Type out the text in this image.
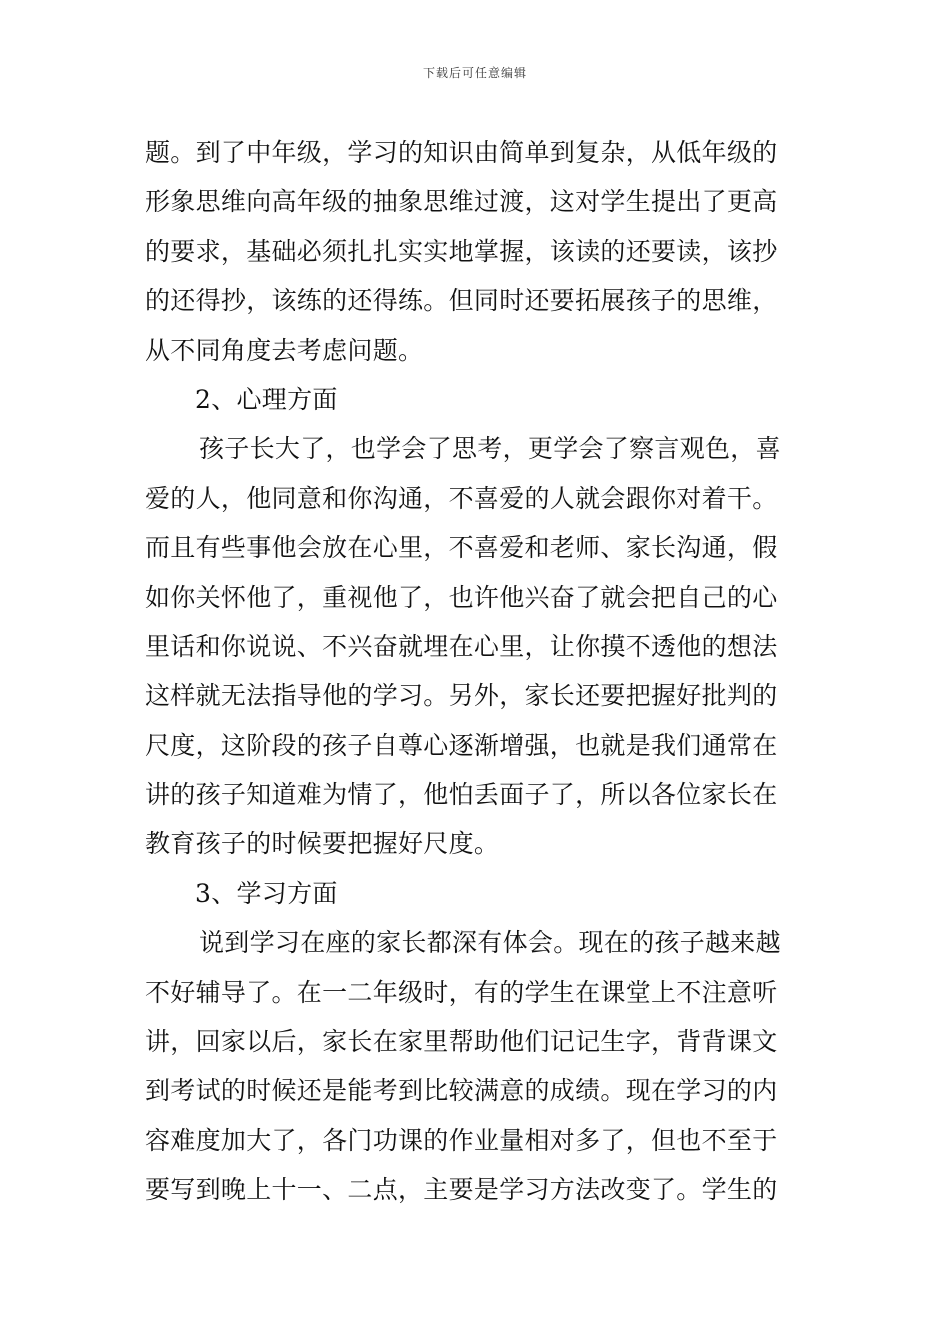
下载后可任意编辑
题。到了中年级，学习的知识由简单到复杂，从低年级的
形象思维向高年级的抽象思维过渡，这对学生提出了更高
的要求，基础必须扎扎实实地掌握，该读的还要读，该抄
的还得抄，该练的还得练。但同时还要拓展孩子的思维，
从不同角度去考虑问题。
2、心理方面
孩子长大了，也学会了思考，更学会了察言观色，喜
爱的人，他同意和你沟通，不喜爱的人就会跟你对着干。
而且有些事他会放在心里，不喜爱和老师、家长沟通，假
如你关怀他了，重视他了，也许他兴奋了就会把自己的心
里话和你说说、不兴奋就埋在心里，让你摸不透他的想法
这样就无法指导他的学习。另外，家长还要把握好批判的
尺度，这阶段的孩子自尊心逐渐增强，也就是我们通常在
讲的孩子知道难为情了，他怕丢面子了，所以各位家长在
教育孩子的时候要把握好尺度。
3、学习方面
说到学习在座的家长都深有体会。现在的孩子越来越
不好辅导了。在一二年级时，有的学生在课堂上不注意听
讲，回家以后，家长在家里帮助他们记记生字，背背课文
到考试的时候还是能考到比较满意的成绩。现在学习的内
容难度加大了，各门功课的作业量相对多了，但也不至于
要写到晚上十一、二点，主要是学习方法改变了。学生的
